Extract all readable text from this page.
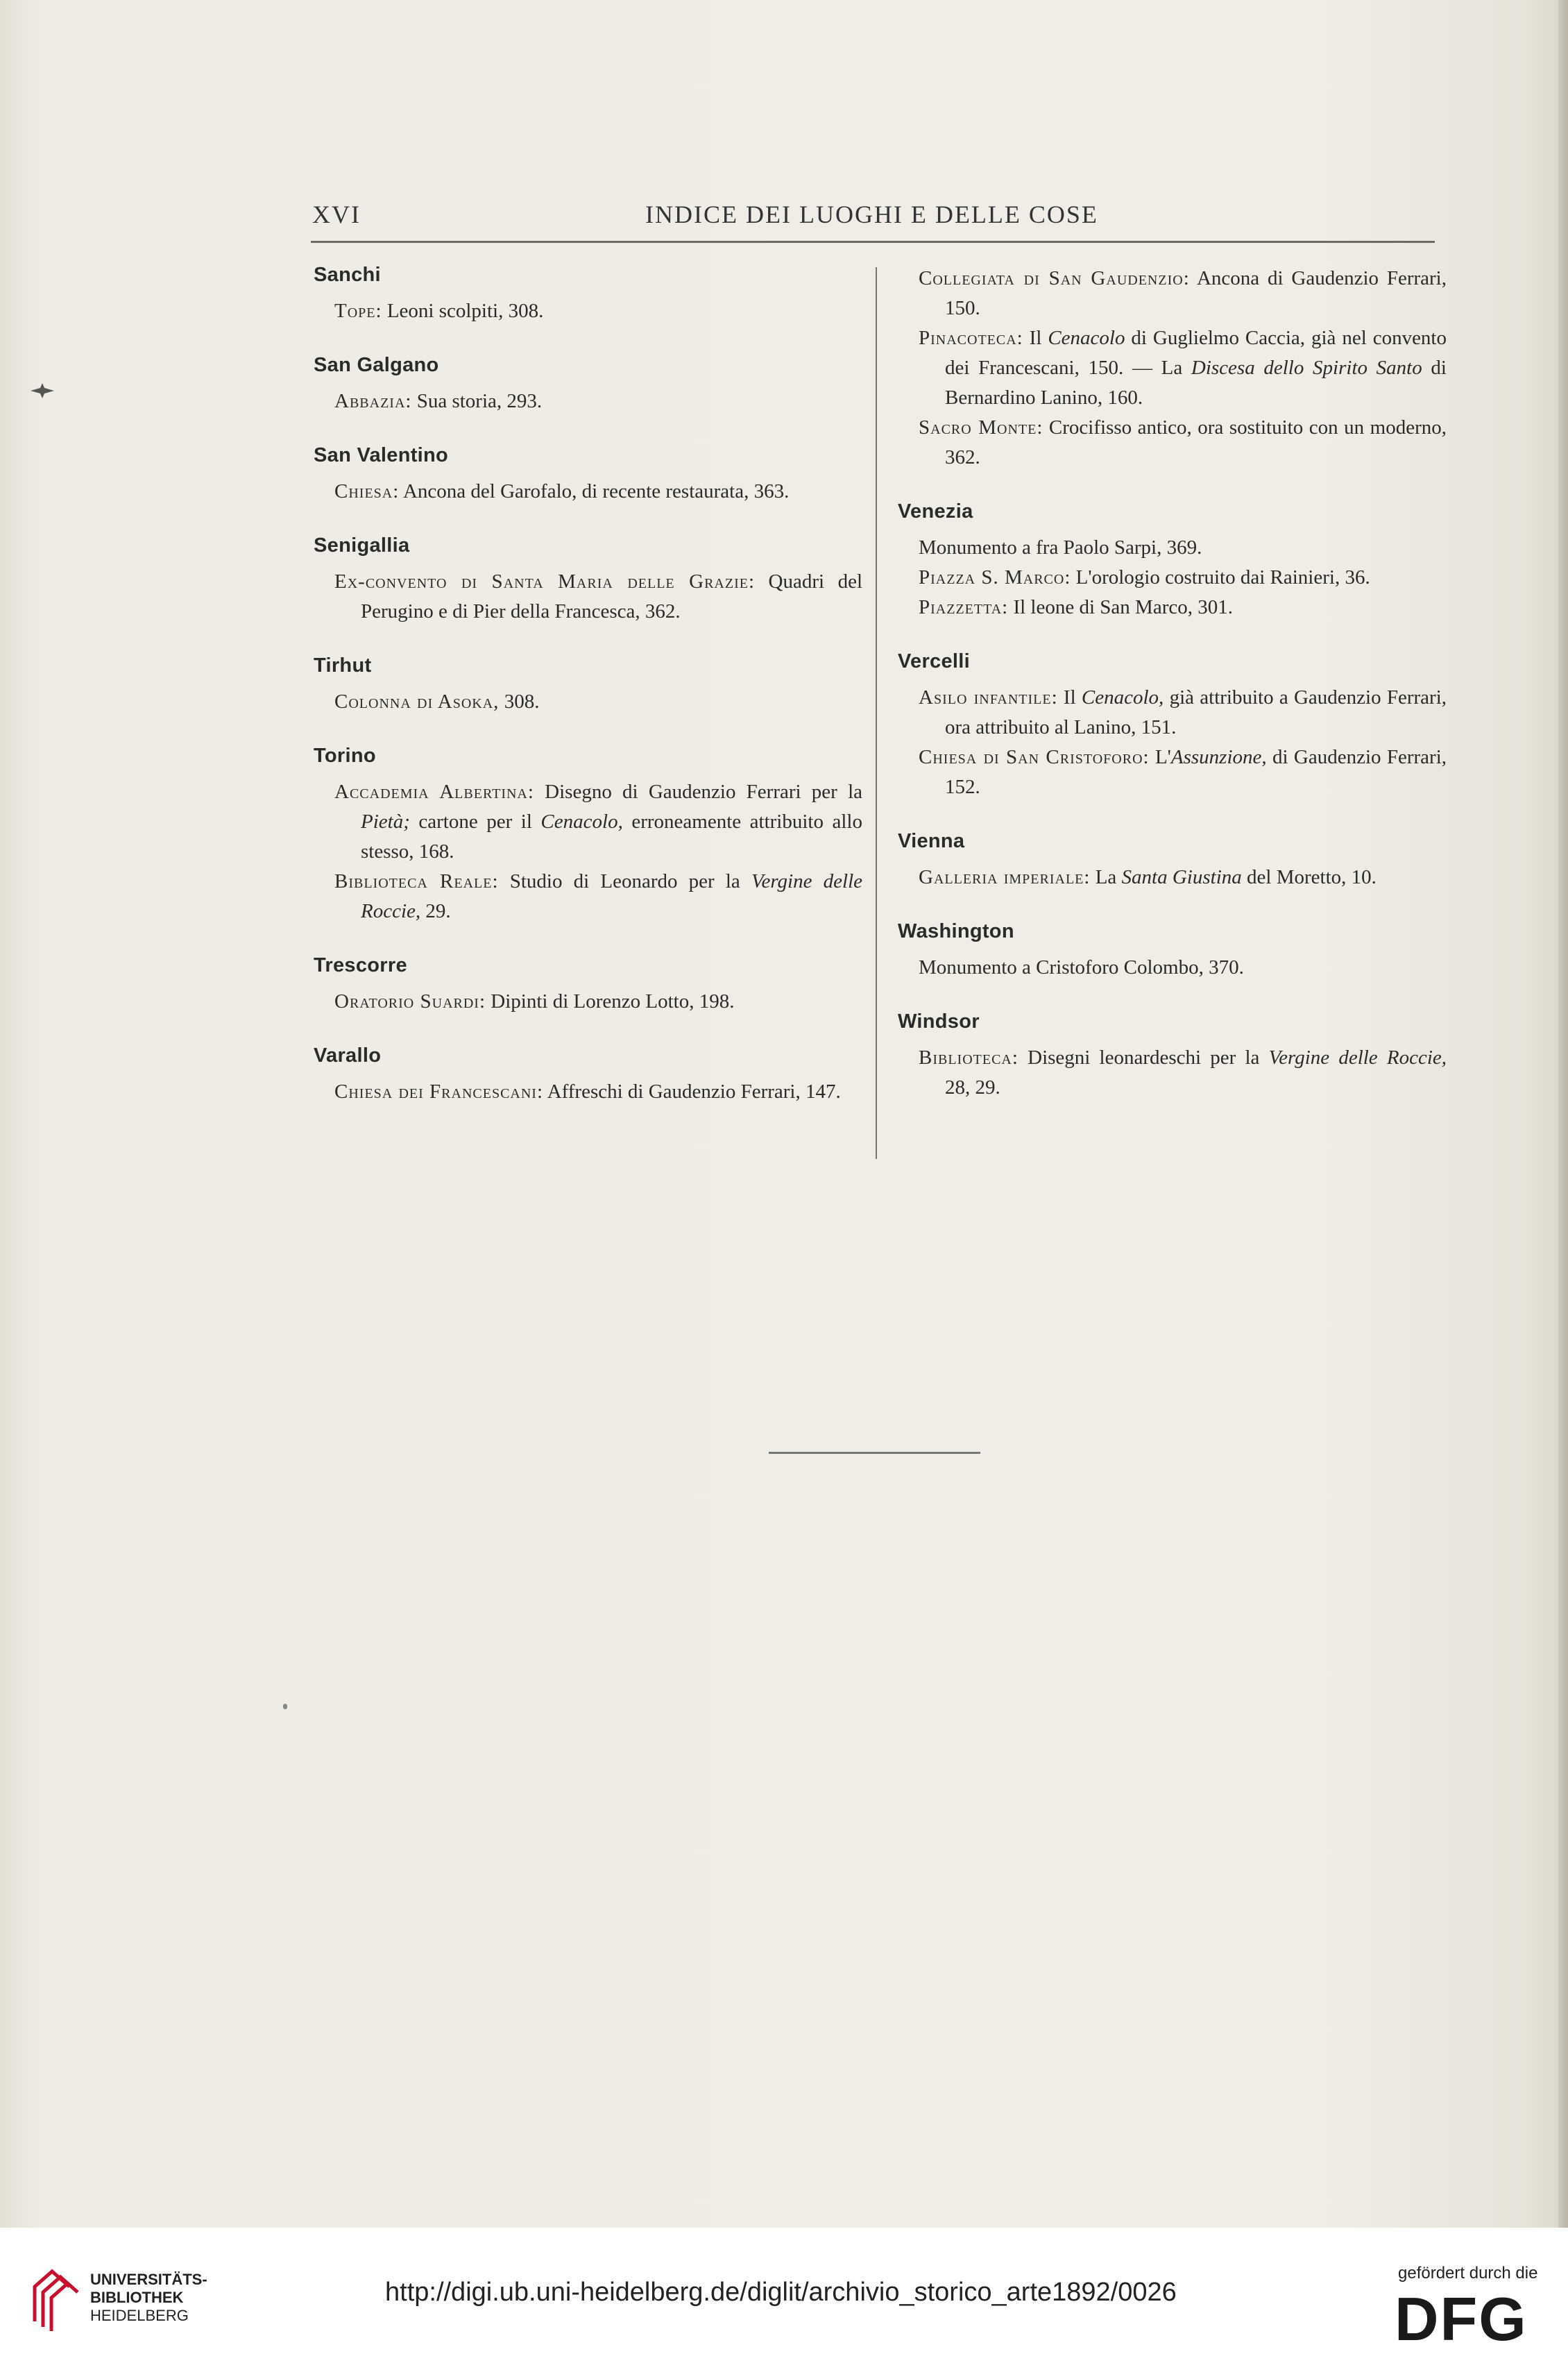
XVI	INDICE DEI LUOGHI E DELLE COSE
Sanchi

Tope: Leoni scolpiti, 308.

San Galgano

Abbazia: Sua storia, 293.

San Valentino

Chiesa: Ancona del Garofalo, di recente restaurata, 363.

Senigallia

Ex-convento di Santa Maria delle Grazie: Quadri del Perugino e di Pier della Francesca, 362.

Tirhut

Colonna di Asoka, 308.

Torino

Accademia Albertina: Disegno di Gaudenzio Ferrari per la Pietà; cartone per il Cenacolo, erroneamente attribuito allo stesso, 168.

Biblioteca Reale: Studio di Leonardo per la Vergine delle Roccie, 29.

Trescorre

Oratorio Suardi: Dipinti di Lorenzo Lotto, 198.

Varallo

Chiesa dei Francescani: Affreschi di Gaudenzio Ferrari, 147.

Collegiata di San Gaudenzio: Ancona di Gaudenzio Ferrari, 150.

Pinacoteca: Il Cenacolo di Guglielmo Caccia, già nel convento dei Francescani, 150. — La Discesa dello Spirito Santo di Bernardino Lanino, 160.

Sacro Monte: Crocifisso antico, ora sostituito con un moderno, 362.

Venezia

Monumento a fra Paolo Sarpi, 369.

Piazza S. Marco: L'orologio costruito dai Rainieri, 36.

Piazzetta: Il leone di San Marco, 301.

Vercelli

Asilo infantile: Il Cenacolo, già attribuito a Gaudenzio Ferrari, ora attribuito al Lanino, 151.

Chiesa di San Cristoforo: L'Assunzione, di Gaudenzio Ferrari, 152.

Vienna

Galleria imperiale: La Santa Giustina del Moretto, 10.

Washington

Monumento a Cristoforo Colombo, 370.

Windsor

Biblioteca: Disegni leonardeschi per la Vergine delle Roccie, 28, 29.

UNIVERSITÄTS-
BIBLIOTHEK
HEIDELBERG
http://digi.ub.uni-heidelberg.de/diglit/archivio_storico_arte1892/0026
gefördert durch die
DFG
